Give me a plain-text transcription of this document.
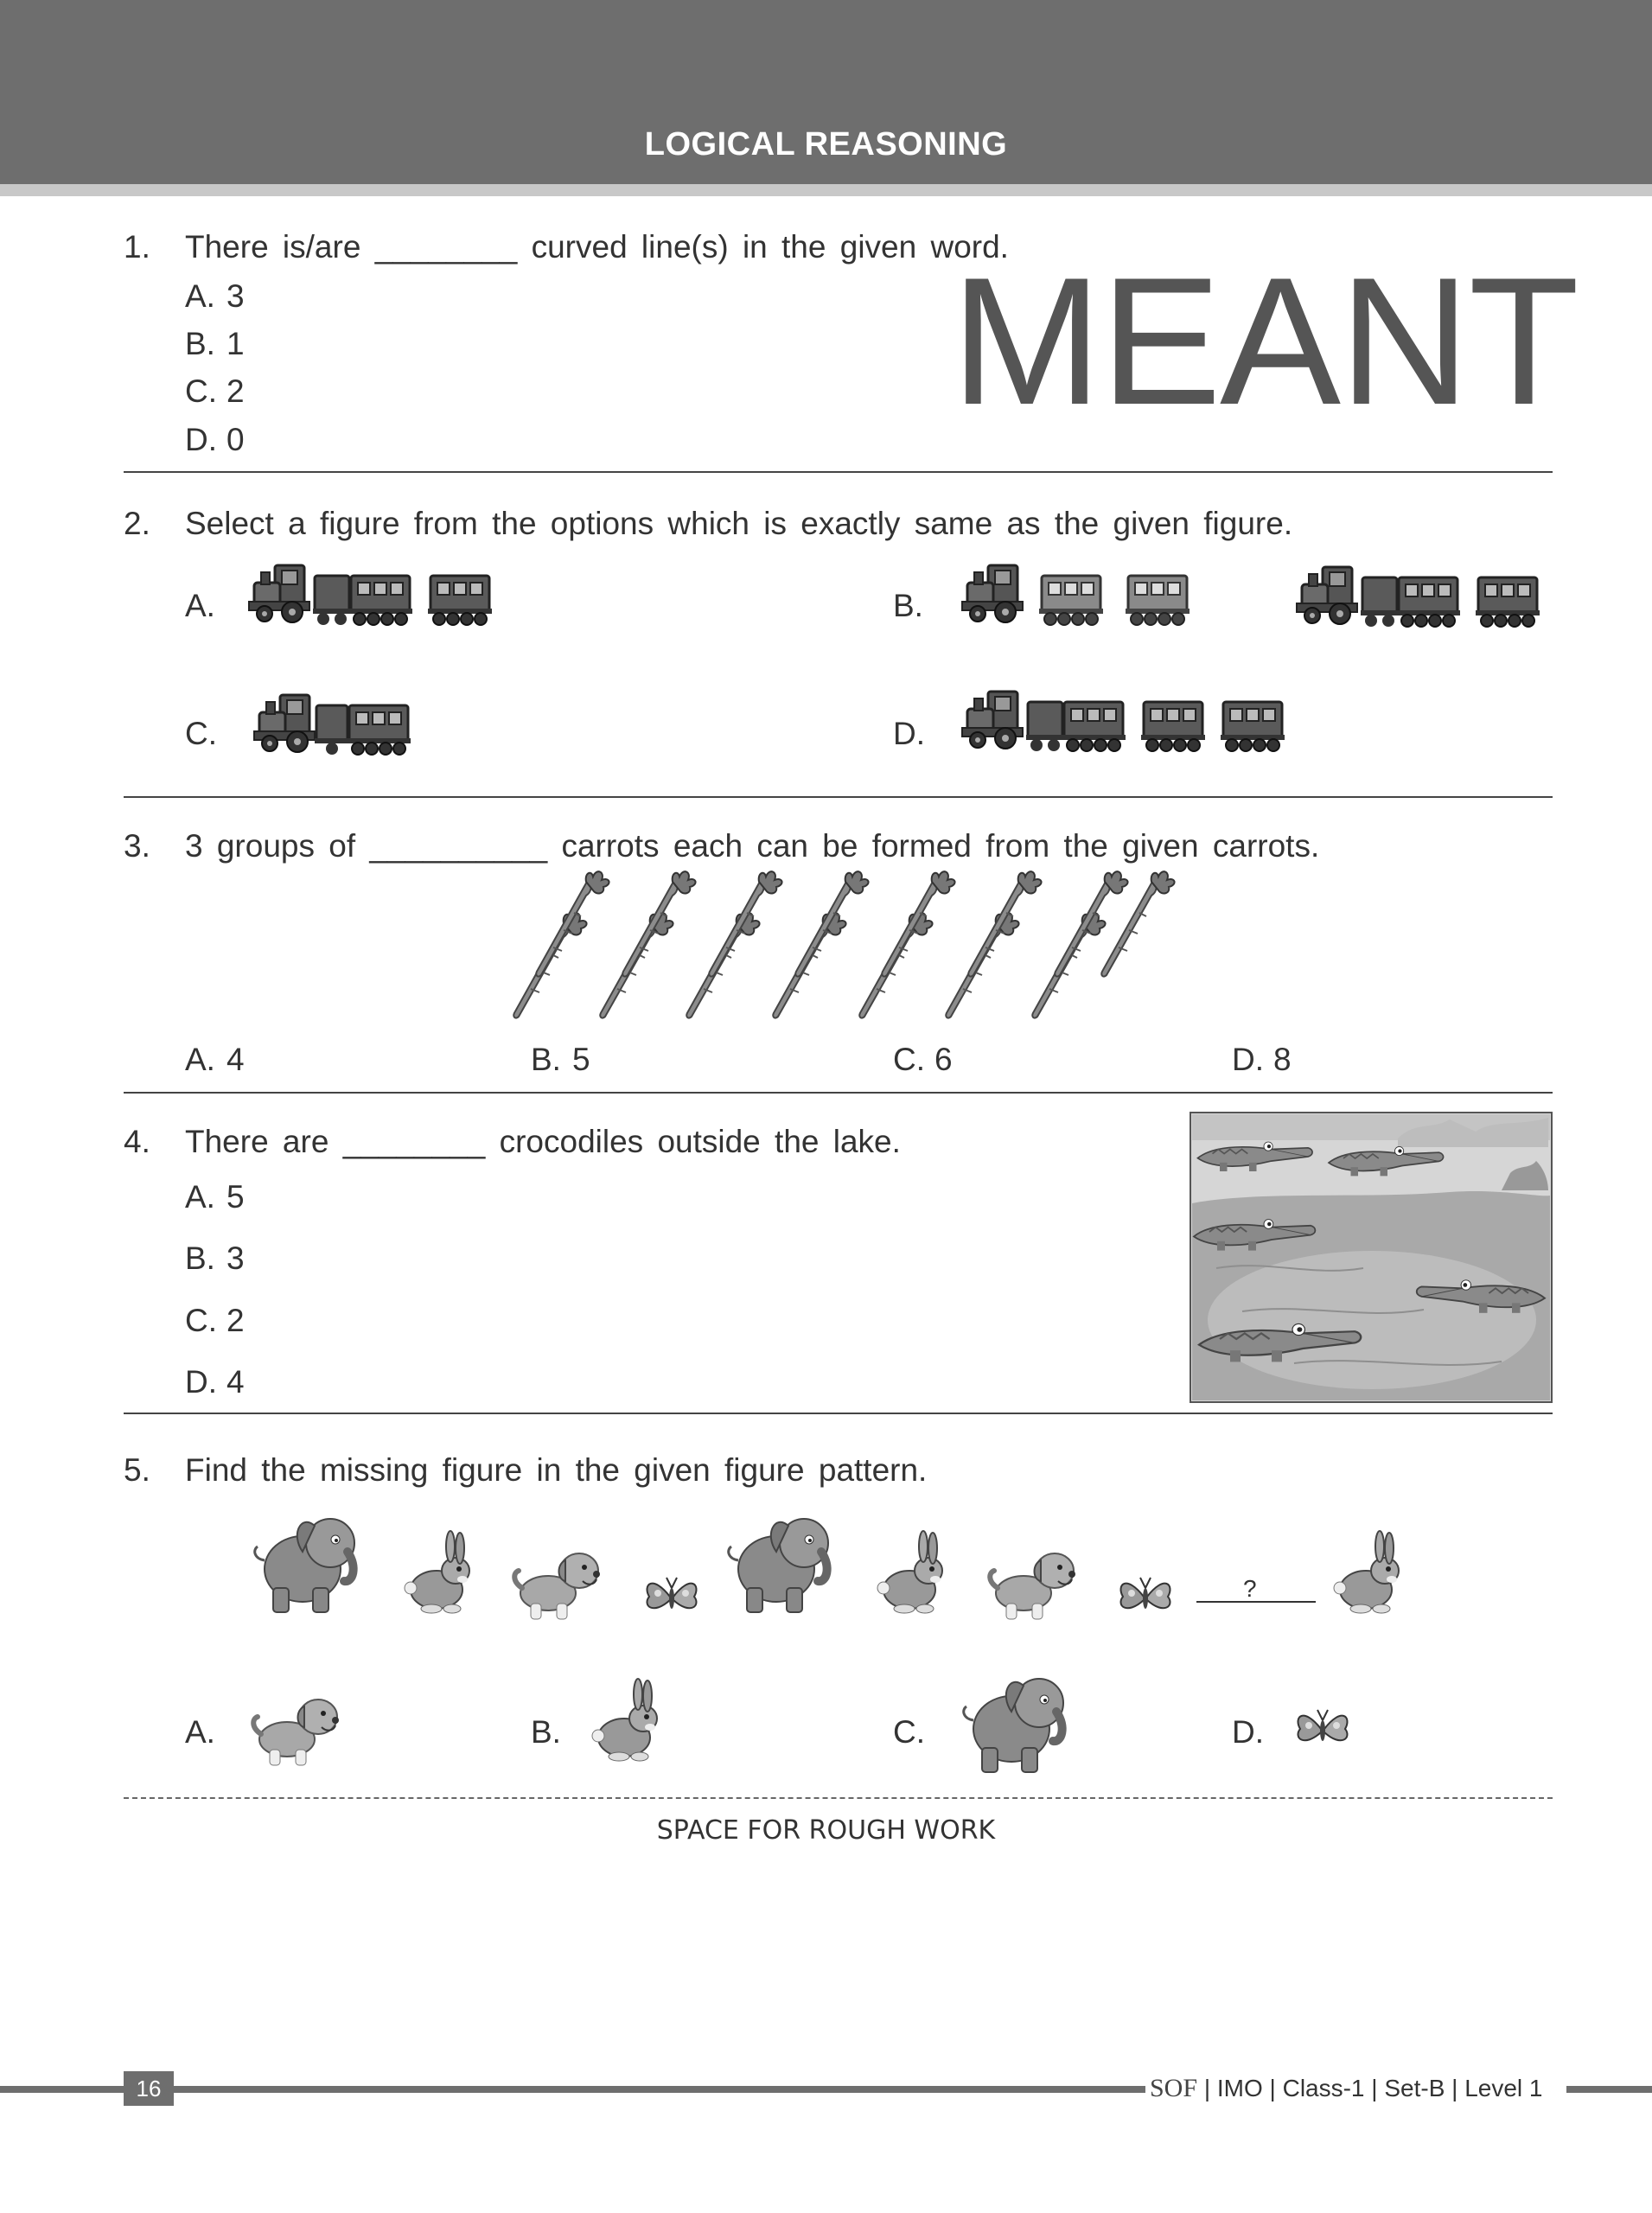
LOGICAL REASONING
1. There is/are ________ curved line(s) in the given word.
A. 3
B. 1
C. 2
D. 0	MEANT
2. Select a figure from the options which is exactly same as the given figure.
A.	B.
C.	D.
3. 3 groups of __________ carrots each can be formed from the given carrots.
A. 4	B. 5	C. 6	D. 8
4. There are ________ crocodiles outside the lake.
A. 5
B. 3
C. 2
D. 4
5. Find the missing figure in the given figure pattern.
?
A.	B.	C.	D.
SPACE FOR ROUGH WORK
16	SOF | IMO | Class-1 | Set-B | Level 1
